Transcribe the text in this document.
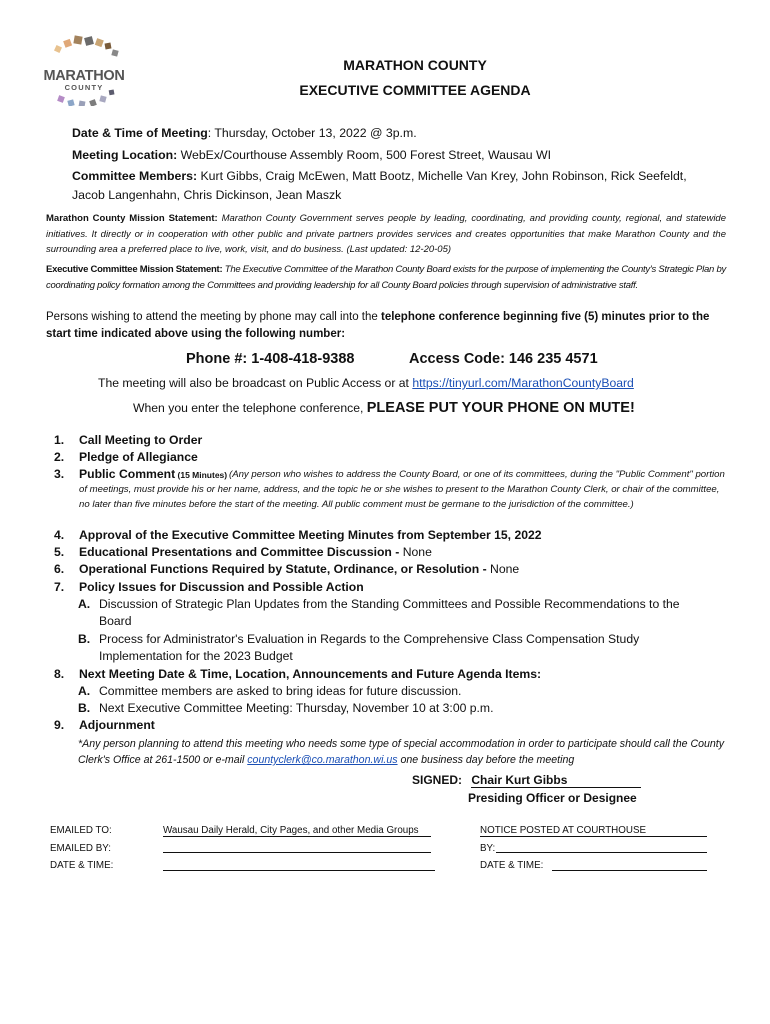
MARATHON
COUNTY
MARATHON COUNTY
EXECUTIVE COMMITTEE AGENDA
Date & Time of Meeting: Thursday, October 13, 2022 @ 3p.m.
Meeting Location: WebEx/Courthouse Assembly Room, 500 Forest Street, Wausau WI
Committee Members: Kurt Gibbs, Craig McEwen, Matt Bootz, Michelle Van Krey, John Robinson, Rick Seefeldt,
Jacob Langenhahn, Chris Dickinson, Jean Maszk
Marathon County Mission Statement: Marathon County Government serves people by leading, coordinating, and providing county, regional, and statewide initiatives. It directly or in cooperation with other public and private partners provides services and creates opportunities that make Marathon County and the surrounding area a preferred place to live, work, visit, and do business. (Last updated: 12-20-05)
Executive Committee Mission Statement: The Executive Committee of the Marathon County Board exists for the purpose of implementing the County's Strategic Plan by coordinating policy formation among the Committees and providing leadership for all County Board policies through supervision of administrative staff.
Persons wishing to attend the meeting by phone may call into the telephone conference beginning five (5) minutes prior to the start time indicated above using the following number:
Phone #: 1-408-418-9388	Access Code: 146 235 4571
The meeting will also be broadcast on Public Access or at https://tinyurl.com/MarathonCountyBoard
When you enter the telephone conference, PLEASE PUT YOUR PHONE ON MUTE!
1. Call Meeting to Order
2. Pledge of Allegiance
3. Public Comment (15 Minutes) (Any person who wishes to address the County Board, or one of its committees, during the "Public Comment" portion of meetings, must provide his or her name, address, and the topic he or she wishes to present to the Marathon County Clerk, or chair of the committee, no later than five minutes before the start of the meeting. All public comment must be germane to the jurisdiction of the committee.)
4. Approval of the Executive Committee Meeting Minutes from September 15, 2022
5. Educational Presentations and Committee Discussion - None
6. Operational Functions Required by Statute, Ordinance, or Resolution - None
7. Policy Issues for Discussion and Possible Action
A. Discussion of Strategic Plan Updates from the Standing Committees and Possible Recommendations to the
Board
B. Process for Administrator's Evaluation in Regards to the Comprehensive Class Compensation Study
Implementation for the 2023 Budget
8. Next Meeting Date & Time, Location, Announcements and Future Agenda Items:
A. Committee members are asked to bring ideas for future discussion.
B. Next Executive Committee Meeting: Thursday, November 10 at 3:00 p.m.
9. Adjournment
*Any person planning to attend this meeting who needs some type of special accommodation in order to participate should call the County Clerk's Office at 261-1500 or e-mail countyclerk@co.marathon.wi.us one business day before the meeting
SIGNED: Chair Kurt Gibbs
Presiding Officer or Designee
EMAILED TO:	Wausau Daily Herald, City Pages, and other Media Groups
EMAILED BY:
DATE & TIME:
NOTICE POSTED AT COURTHOUSE
BY:
DATE & TIME:
